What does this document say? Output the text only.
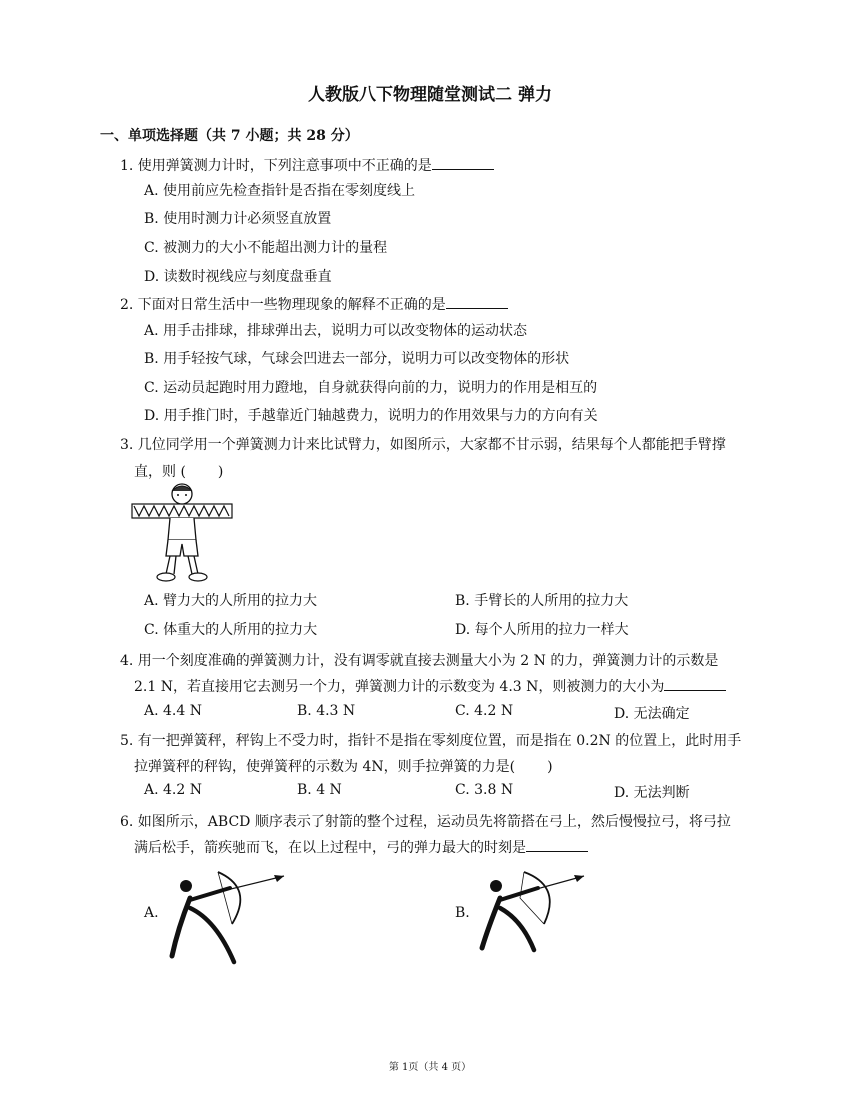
人教版八下物理随堂测试二 弹力
一、单项选择题（共 7 小题；共 28 分）
1. 使用弹簧测力计时，下列注意事项中不正确的是
A. 使用前应先检查指针是否指在零刻度线上
B. 使用时测力计必须竖直放置
C. 被测力的大小不能超出测力计的量程
D. 读数时视线应与刻度盘垂直
2. 下面对日常生活中一些物理现象的解释不正确的是
A. 用手击排球，排球弹出去，说明力可以改变物体的运动状态
B. 用手轻按气球，气球会凹进去一部分，说明力可以改变物体的形状
C. 运动员起跑时用力蹬地，自身就获得向前的力，说明力的作用是相互的
D. 用手推门时，手越靠近门轴越费力，说明力的作用效果与力的方向有关
3. 几位同学用一个弹簧测力计来比试臂力，如图所示，大家都不甘示弱，结果每个人都能把手臂撑
直，则 ( )
A. 臂力大的人所用的拉力大	B. 手臂长的人所用的拉力大
C. 体重大的人所用的拉力大	D. 每个人所用的拉力一样大
4. 用一个刻度准确的弹簧测力计，没有调零就直接去测量大小为 2 N 的力，弹簧测力计的示数是
2.1 N，若直接用它去测另一个力，弹簧测力计的示数变为 4.3 N，则被测力的大小为
A. 4.4 N	B. 4.3 N	C. 4.2 N	D. 无法确定
5. 有一把弹簧秤，秤钩上不受力时，指针不是指在零刻度位置，而是指在 0.2N 的位置上，此时用手
拉弹簧秤的秤钩，使弹簧秤的示数为 4N，则手拉弹簧的力是( )
A. 4.2 N	B. 4 N	C. 3.8 N	D. 无法判断
6. 如图所示，ABCD 顺序表示了射箭的整个过程，运动员先将箭搭在弓上，然后慢慢拉弓，将弓拉
满后松手，箭疾驰而飞，在以上过程中，弓的弹力最大的时刻是
A.	B.
第 1页（共 4 页）
